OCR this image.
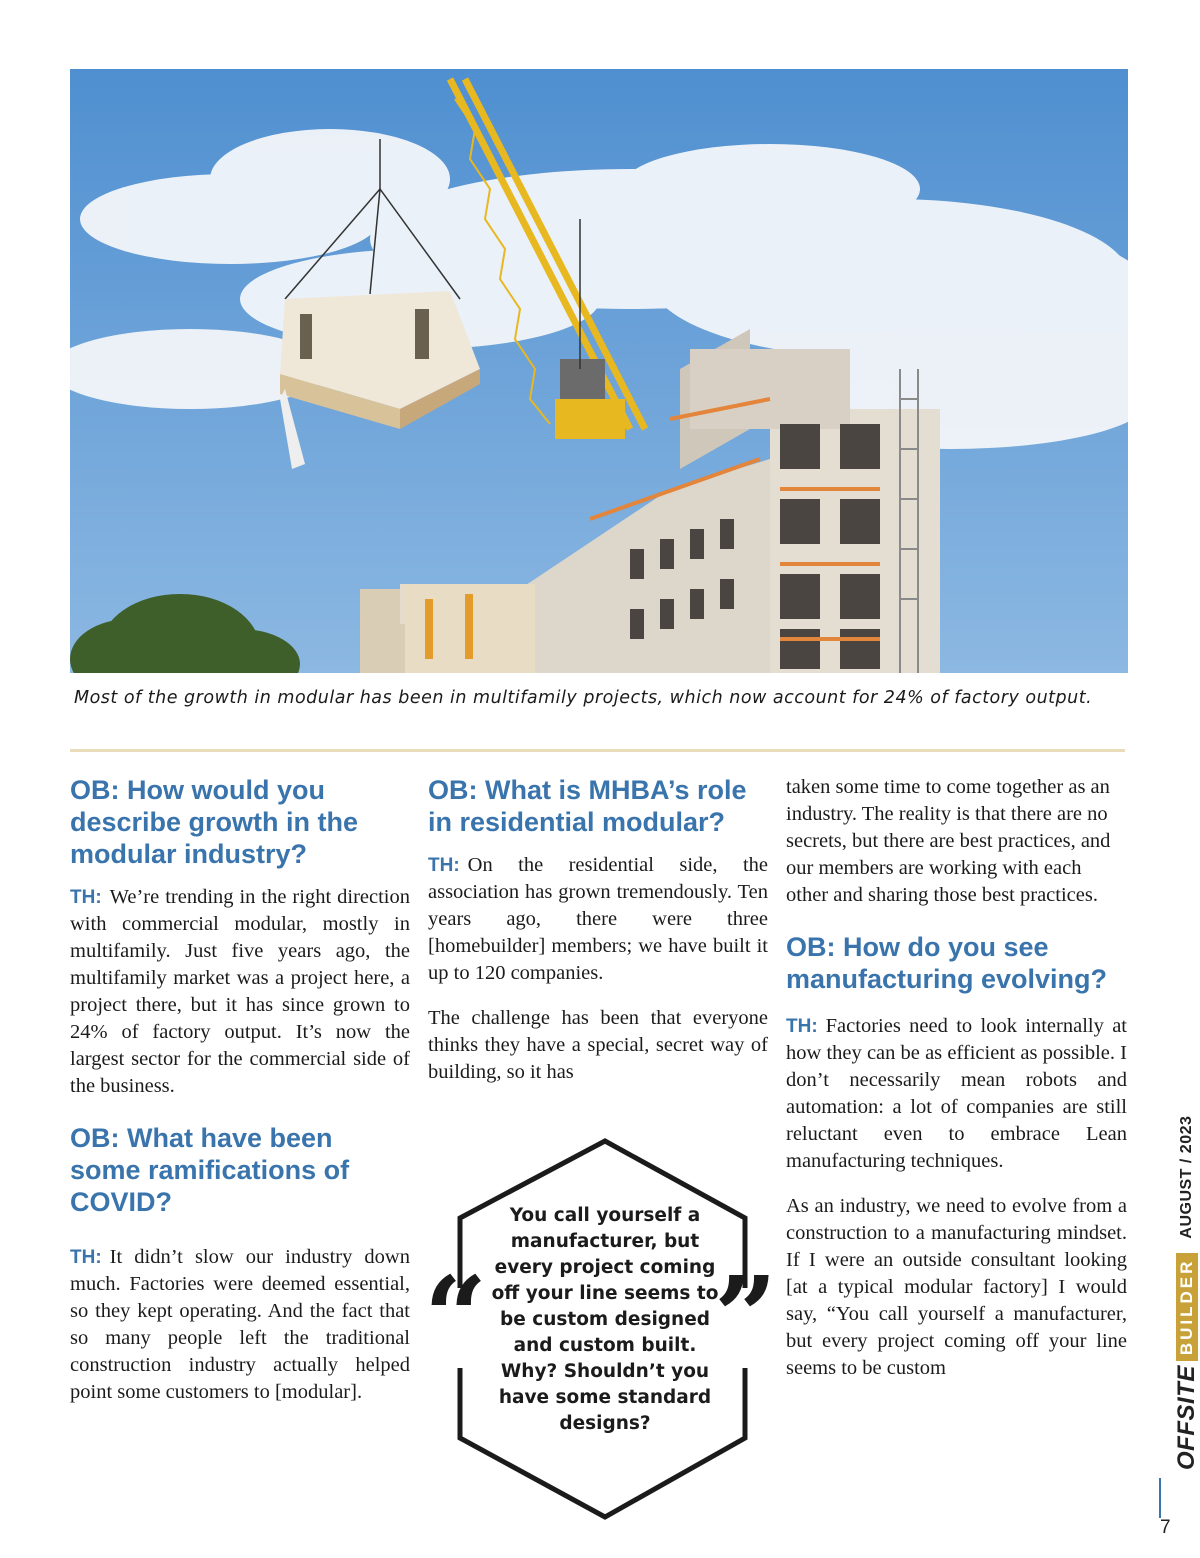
Most of the growth in modular has been in multifamily projects, which now account for 24% of factory output.
OB: How would you describe growth in the modular industry?

TH: We’re trending in the right direction with commercial modular, mostly in multifamily. Just five years ago, the multifamily market was a project here, a project there, but it has since grown to 24% of factory output. It’s now the largest sector for the commercial side of the business.

OB: What have been some ramifications of COVID?

TH: It didn’t slow our industry down much. Factories were deemed essential, so they kept operating. And the fact that so many people left the traditional construction industry actually helped point some customers to [modular].

OB: What is MHBA’s role in residential modular?

TH: On the residential side, the association has grown tremendously. Ten years ago, there were three [homebuilder] members; we have built it up to 120 companies.

The challenge has been that everyone thinks they have a special, secret way of building, so it has

“ ”
You call yourself a manufacturer, but every project coming off your line seems to be custom designed and custom built. Why? Shouldn’t you have some standard designs?

taken some time to come together as an industry. The reality is that there are no secrets, but there are best practices, and our members are working with each other and sharing those best practices.

OB: How do you see manufacturing evolving?

TH: Factories need to look internally at how they can be as efficient as possible. I don’t necessarily mean robots and automation: a lot of companies are still reluctant even to embrace Lean manufacturing techniques.

As an industry, we need to evolve from a construction to a manufacturing mindset. If I were an outside consultant looking [at a typical modular factory] I would say, “You call yourself a manufacturer, but every project coming off your line seems to be custom	OFFSITE
BUILDER
AUGUST / 2023
7
